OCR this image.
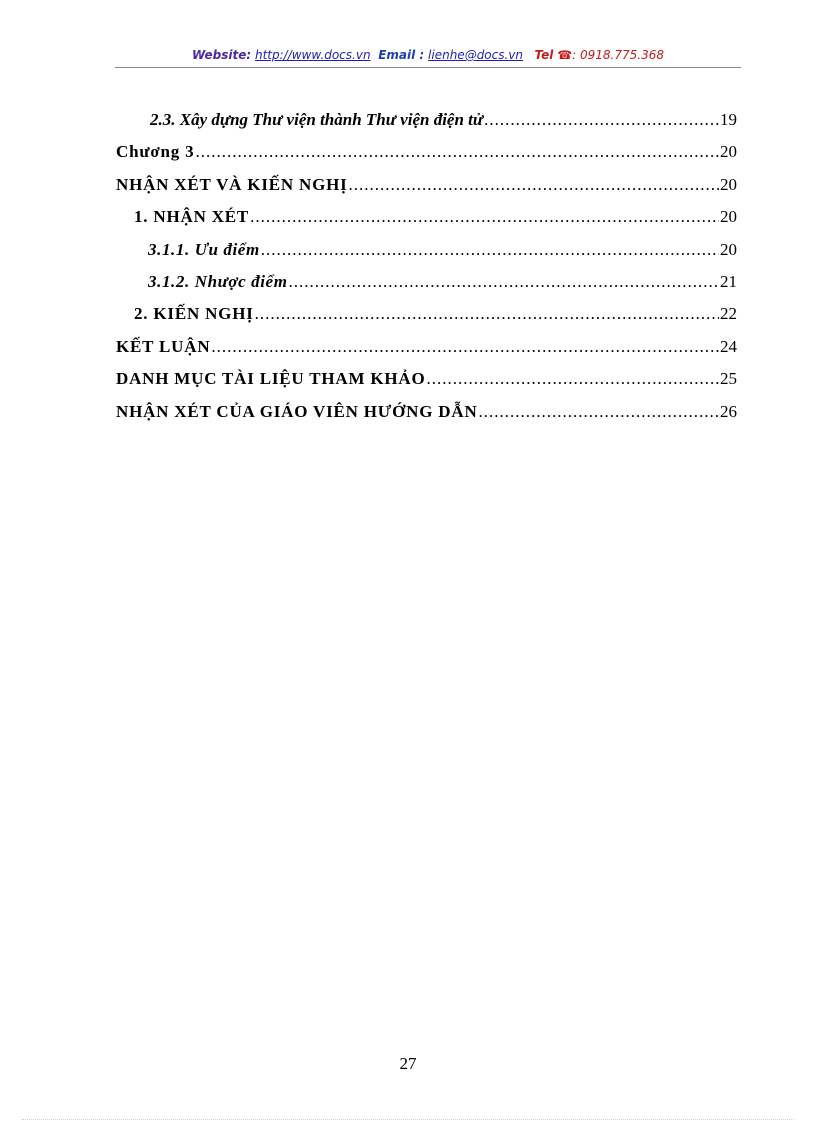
Website: http://www.docs.vn Email : lienhe@docs.vn Tel ☎: 0918.775.368
2.3. Xây dựng Thư viện thành Thư viện điện tử .....	19
Chương 3 .....	20
NHẬN XÉT VÀ KIẾN NGHỊ .....	20
1. NHẬN XÉT .....	20
3.1.1. Ưu điểm .....	20
3.1.2. Nhược điểm .....	21
2. KIẾN NGHỊ .....	22
KẾT LUẬN .....	24
DANH MỤC TÀI LIỆU THAM KHẢO .....	25
NHẬN XÉT CỦA GIÁO VIÊN HƯỚNG DẪN .....	26
27
